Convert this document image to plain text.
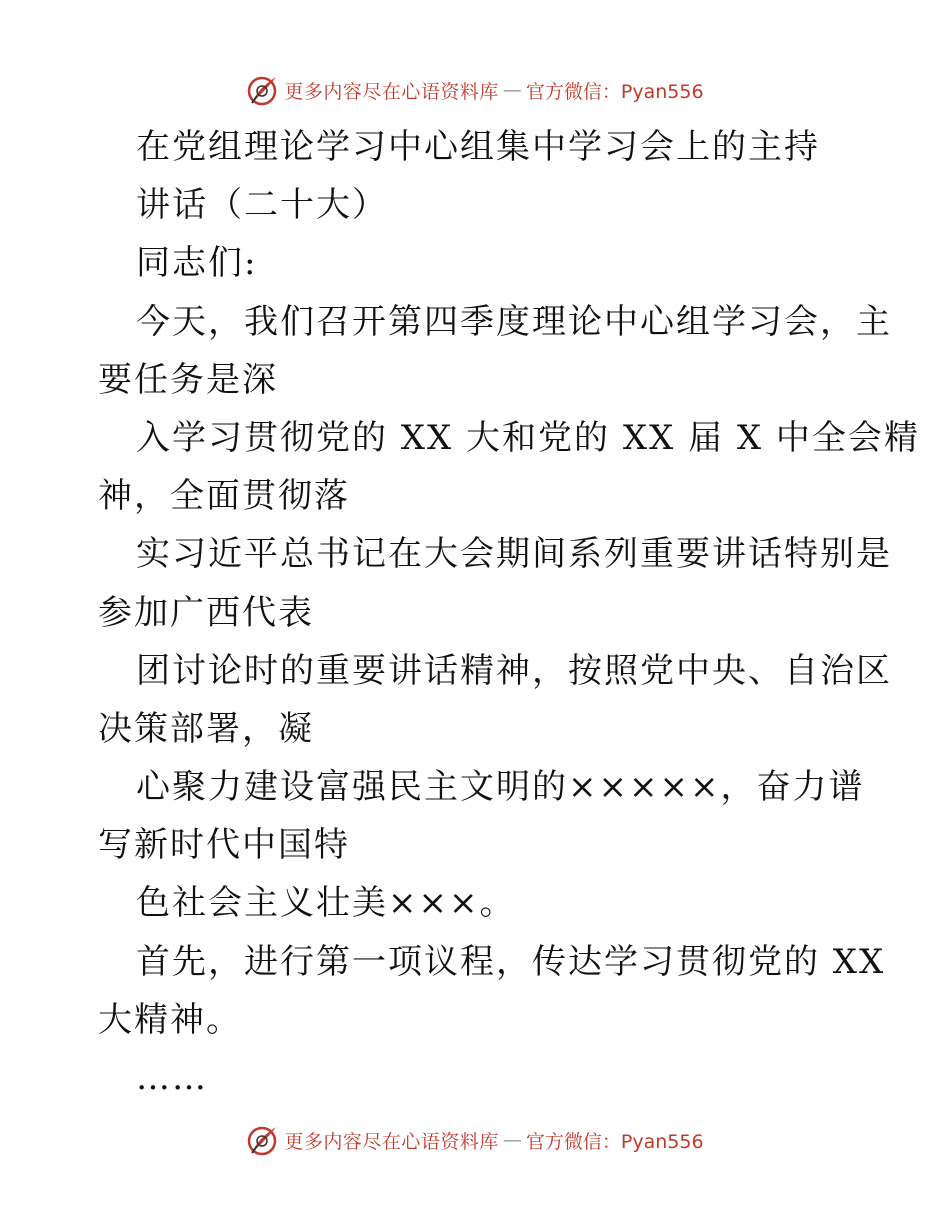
更多内容尽在心语资料库 — 官方微信：Pyan556
在党组理论学习中心组集中学习会上的主持
讲话（二十大）
同志们:
今天，我们召开第四季度理论中心组学习会，主
要任务是深
入学习贯彻党的 XX 大和党的 XX 届 X 中全会精
神，全面贯彻落
实习近平总书记在大会期间系列重要讲话特别是
参加广西代表
团讨论时的重要讲话精神，按照党中央、自治区
决策部署，凝
心聚力建设富强民主文明的×××××，奋力谱
写新时代中国特
色社会主义壮美×××。
首先，进行第一项议程，传达学习贯彻党的 XX
大精神。
……
更多内容尽在心语资料库 — 官方微信：Pyan556
